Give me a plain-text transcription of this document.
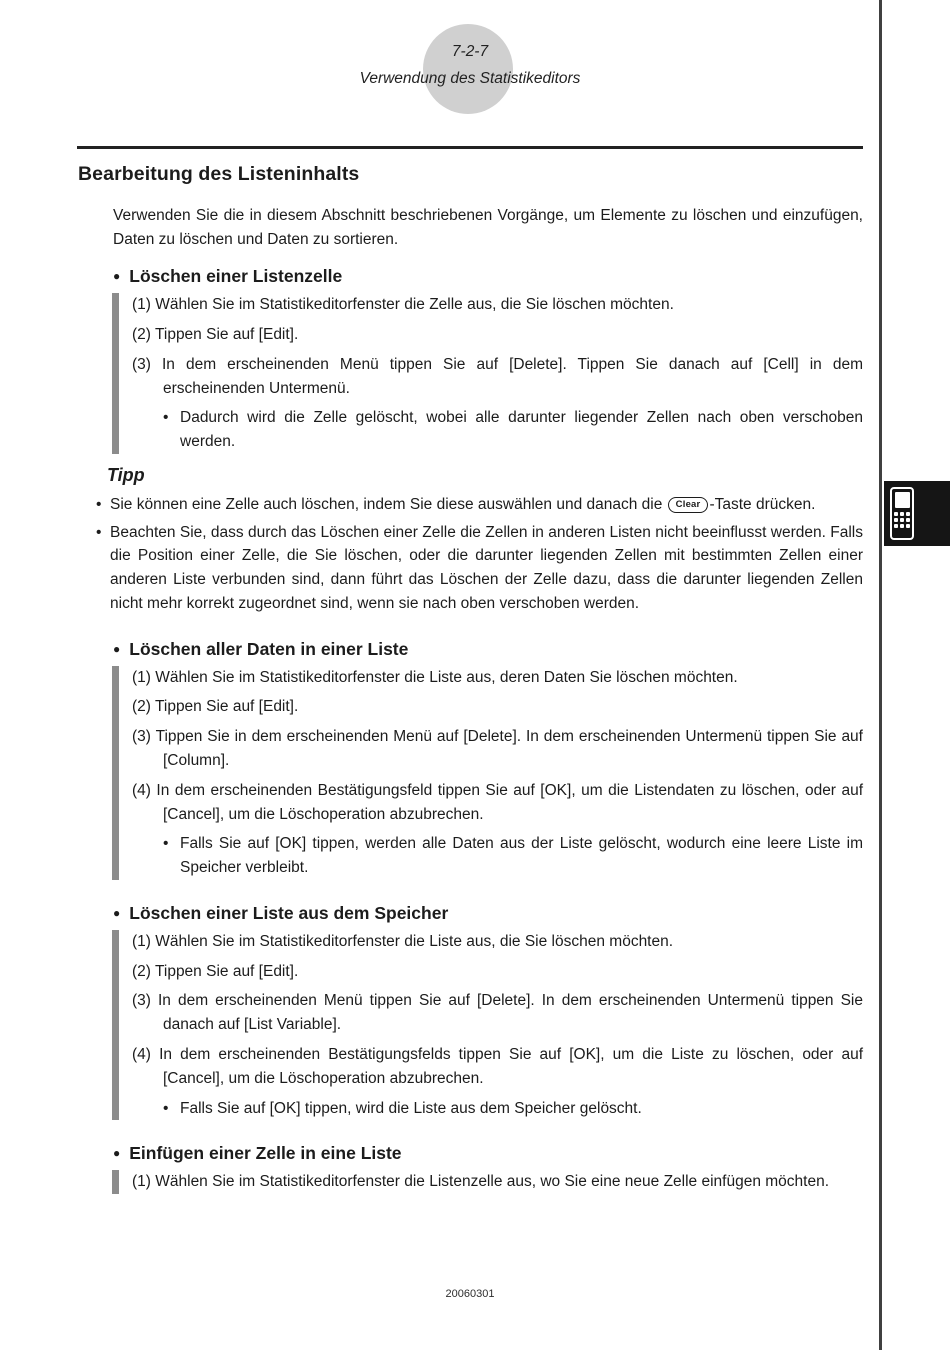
7-2-7
Verwendung des Statistikeditors
Bearbeitung des Listeninhalts

Verwenden Sie die in diesem Abschnitt beschriebenen Vorgänge, um Elemente zu löschen und einzufügen, Daten zu löschen und Daten zu sortieren.

● Löschen einer Listenzelle

(1) Wählen Sie im Statistikeditorfenster die Zelle aus, die Sie löschen möchten.

(2) Tippen Sie auf [Edit].

(3) In dem erscheinenden Menü tippen Sie auf [Delete]. Tippen Sie danach auf [Cell] in dem erscheinenden Untermenü.

• Dadurch wird die Zelle gelöscht, wobei alle darunter liegender Zellen nach oben verschoben werden.

Tipp

• Sie können eine Zelle auch löschen, indem Sie diese auswählen und danach die Clear -Taste drücken.

• Beachten Sie, dass durch das Löschen einer Zelle die Zellen in anderen Listen nicht beeinflusst werden. Falls die Position einer Zelle, die Sie löschen, oder die darunter liegenden Zellen mit bestimmten Zellen einer anderen Liste verbunden sind, dann führt das Löschen der Zelle dazu, dass die darunter liegenden Zellen nicht mehr korrekt zugeordnet sind, wenn sie nach oben verschoben werden.

● Löschen aller Daten in einer Liste

(1) Wählen Sie im Statistikeditorfenster die Liste aus, deren Daten Sie löschen möchten.

(2) Tippen Sie auf [Edit].

(3) Tippen Sie in dem erscheinenden Menü auf [Delete]. In dem erscheinenden Untermenü tippen Sie auf [Column].

(4) In dem erscheinenden Bestätigungsfeld tippen Sie auf [OK], um die Listendaten zu löschen, oder auf [Cancel], um die Löschoperation abzubrechen.

• Falls Sie auf [OK] tippen, werden alle Daten aus der Liste gelöscht, wodurch eine leere Liste im Speicher verbleibt.

● Löschen einer Liste aus dem Speicher

(1) Wählen Sie im Statistikeditorfenster die Liste aus, die Sie löschen möchten.

(2) Tippen Sie auf [Edit].

(3) In dem erscheinenden Menü tippen Sie auf [Delete]. In dem erscheinenden Untermenü tippen Sie danach auf [List Variable].

(4) In dem erscheinenden Bestätigungsfelds tippen Sie auf [OK], um die Liste zu löschen, oder auf [Cancel], um die Löschoperation abzubrechen.

• Falls Sie auf [OK] tippen, wird die Liste aus dem Speicher gelöscht.

● Einfügen einer Zelle in eine Liste

(1) Wählen Sie im Statistikeditorfenster die Listenzelle aus, wo Sie eine neue Zelle einfügen möchten.

20060301
